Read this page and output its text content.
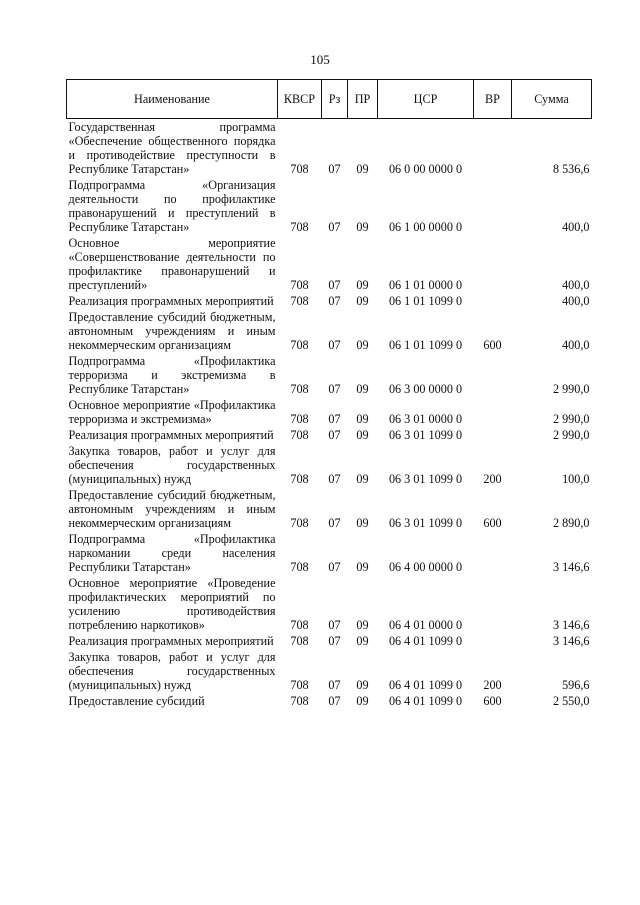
105
Наименование	КВСР	Рз	ПР	ЦСР	ВР	Сумма
Государственная программа «Обеспечение общественного порядка и противодействие преступности в Республике Татарстан»	708	07	09	06 0 00 0000 0		8 536,6
Подпрограмма «Организация деятельности по профилактике правонарушений и преступлений в Республике Татарстан»	708	07	09	06 1 00 0000 0		400,0
Основное мероприятие «Совершенствование деятельности по профилактике правонарушений и преступлений»	708	07	09	06 1 01 0000 0		400,0
Реализация программных мероприятий	708	07	09	06 1 01 1099 0		400,0
Предоставление субсидий бюджетным, автономным учреждениям и иным некоммерческим организациям	708	07	09	06 1 01 1099 0	600	400,0
Подпрограмма «Профилактика терроризма и экстремизма в Республике Татарстан»	708	07	09	06 3 00 0000 0		2 990,0
Основное мероприятие «Профилактика терроризма и экстремизма»	708	07	09	06 3 01 0000 0		2 990,0
Реализация программных мероприятий	708	07	09	06 3 01 1099 0		2 990,0
Закупка товаров, работ и услуг для обеспечения государственных (муниципальных) нужд	708	07	09	06 3 01 1099 0	200	100,0
Предоставление субсидий бюджетным, автономным учреждениям и иным некоммерческим организациям	708	07	09	06 3 01 1099 0	600	2 890,0
Подпрограмма «Профилактика наркомании среди населения Республики Татарстан»	708	07	09	06 4 00 0000 0		3 146,6
Основное мероприятие «Проведение профилактических мероприятий по усилению противодействия потреблению наркотиков»	708	07	09	06 4 01 0000 0		3 146,6
Реализация программных мероприятий	708	07	09	06 4 01 1099 0		3 146,6
Закупка товаров, работ и услуг для обеспечения государственных (муниципальных) нужд	708	07	09	06 4 01 1099 0	200	596,6
Предоставление субсидий	708	07	09	06 4 01 1099 0	600	2 550,0
